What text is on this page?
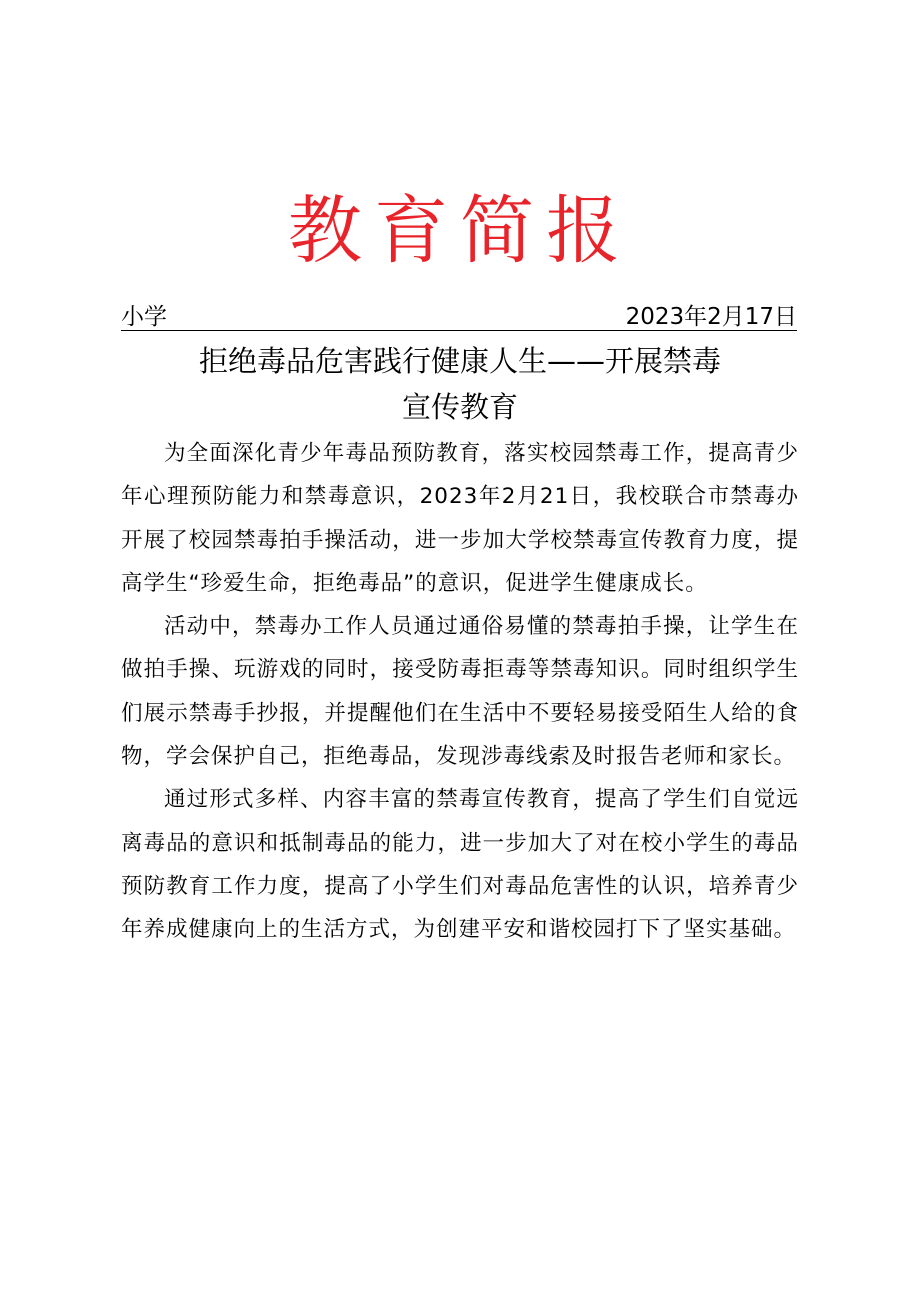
教育简报
小学	2023年2月17日
拒绝毒品危害践行健康人生——开展禁毒
宣传教育

为全面深化青少年毒品预防教育，落实校园禁毒工作，提高青少年心理预防能力和禁毒意识，2023年2月21日，我校联合市禁毒办开展了校园禁毒拍手操活动，进一步加大学校禁毒宣传教育力度，提高学生“珍爱生命，拒绝毒品”的意识，促进学生健康成长。

活动中，禁毒办工作人员通过通俗易懂的禁毒拍手操，让学生在做拍手操、玩游戏的同时，接受防毒拒毒等禁毒知识。同时组织学生们展示禁毒手抄报，并提醒他们在生活中不要轻易接受陌生人给的食物，学会保护自己，拒绝毒品，发现涉毒线索及时报告老师和家长。

通过形式多样、内容丰富的禁毒宣传教育，提高了学生们自觉远离毒品的意识和抵制毒品的能力，进一步加大了对在校小学生的毒品预防教育工作力度，提高了小学生们对毒品危害性的认识，培养青少年养成健康向上的生活方式，为创建平安和谐校园打下了坚实基础。
